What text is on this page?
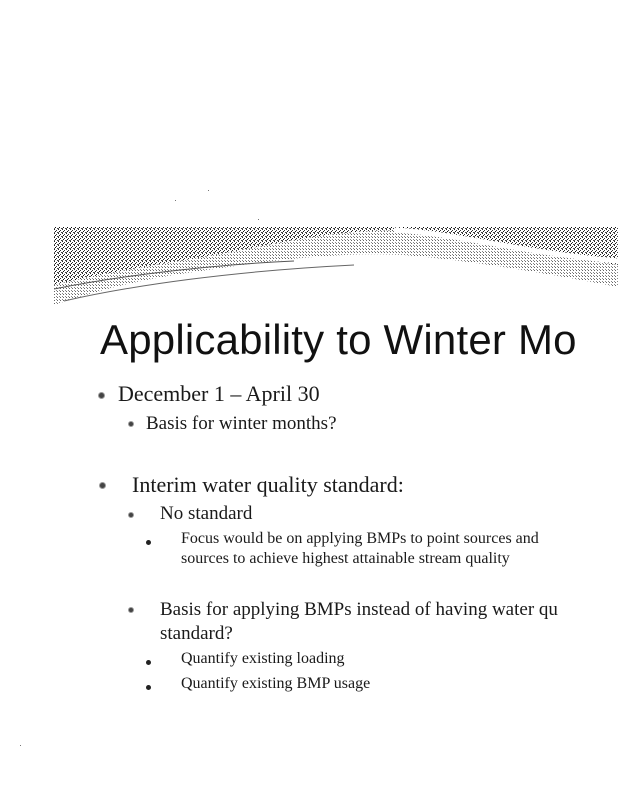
Applicability to Winter Mo
December 1 – April 30
Basis for winter months?
Interim water quality standard:
No standard
Focus would be on applying BMPs to point sources and
sources to achieve highest attainable stream quality
Basis for applying BMPs instead of having water qu
standard?
Quantify existing loading
Quantify existing BMP usage
